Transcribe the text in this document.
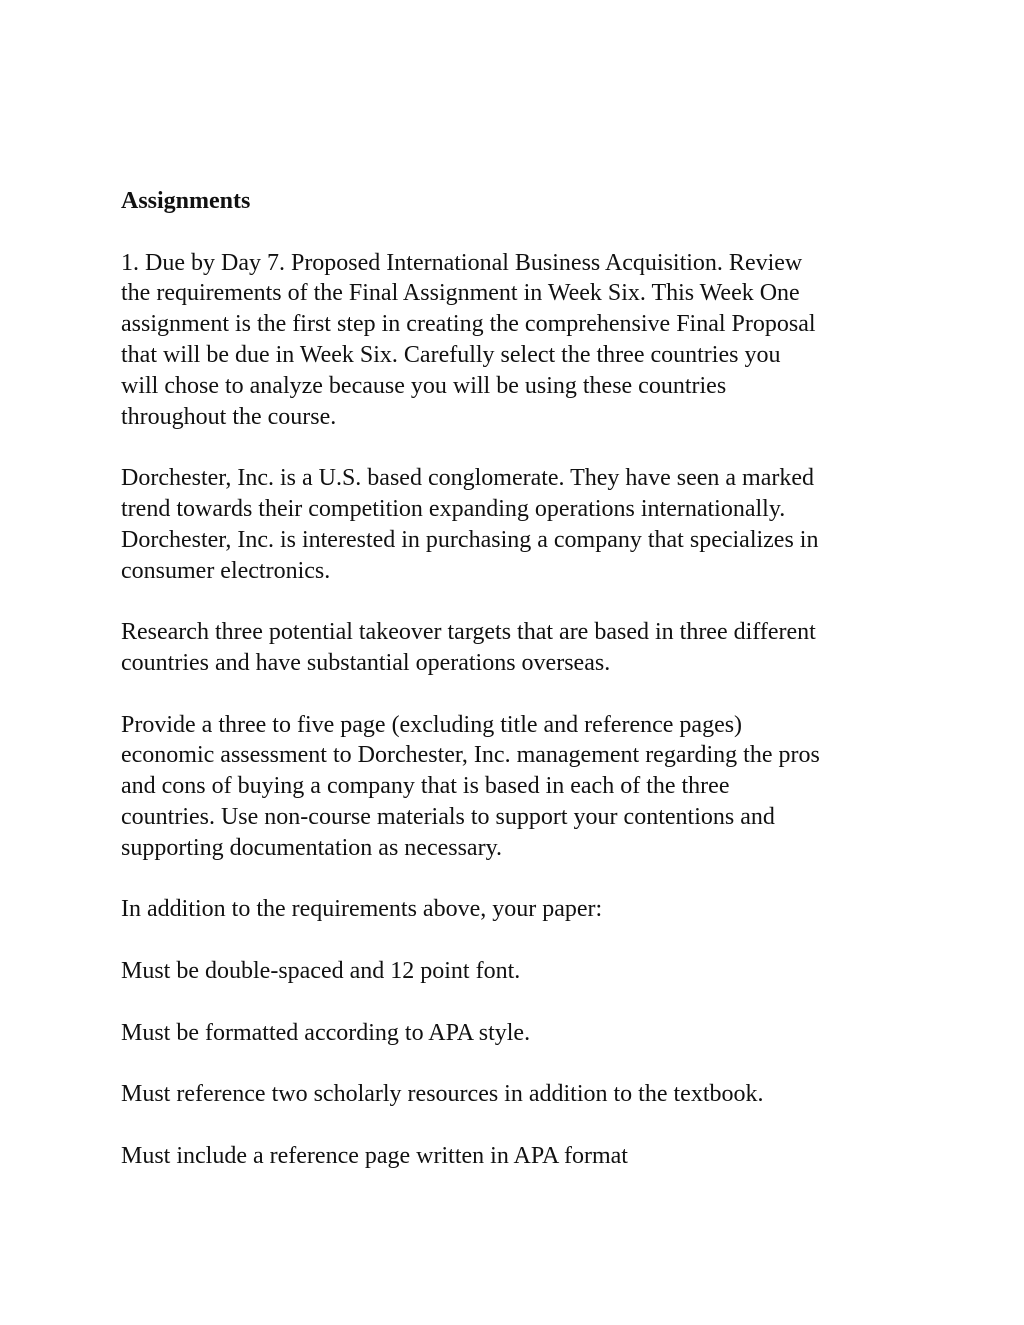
Assignments
1. Due by Day 7. Proposed International Business Acquisition. Review
the requirements of the Final Assignment in Week Six. This Week One
assignment is the first step in creating the comprehensive Final Proposal
that will be due in Week Six. Carefully select the three countries you
will chose to analyze because you will be using these countries
throughout the course.
Dorchester, Inc. is a U.S. based conglomerate. They have seen a marked
trend towards their competition expanding operations internationally.
Dorchester, Inc. is interested in purchasing a company that specializes in
consumer electronics.
Research three potential takeover targets that are based in three different
countries and have substantial operations overseas.
Provide a three to five page (excluding title and reference pages)
economic assessment to Dorchester, Inc. management regarding the pros
and cons of buying a company that is based in each of the three
countries. Use non-course materials to support your contentions and
supporting documentation as necessary.
In addition to the requirements above, your paper:
Must be double-spaced and 12 point font.
Must be formatted according to APA style.
Must reference two scholarly resources in addition to the textbook.
Must include a reference page written in APA format
